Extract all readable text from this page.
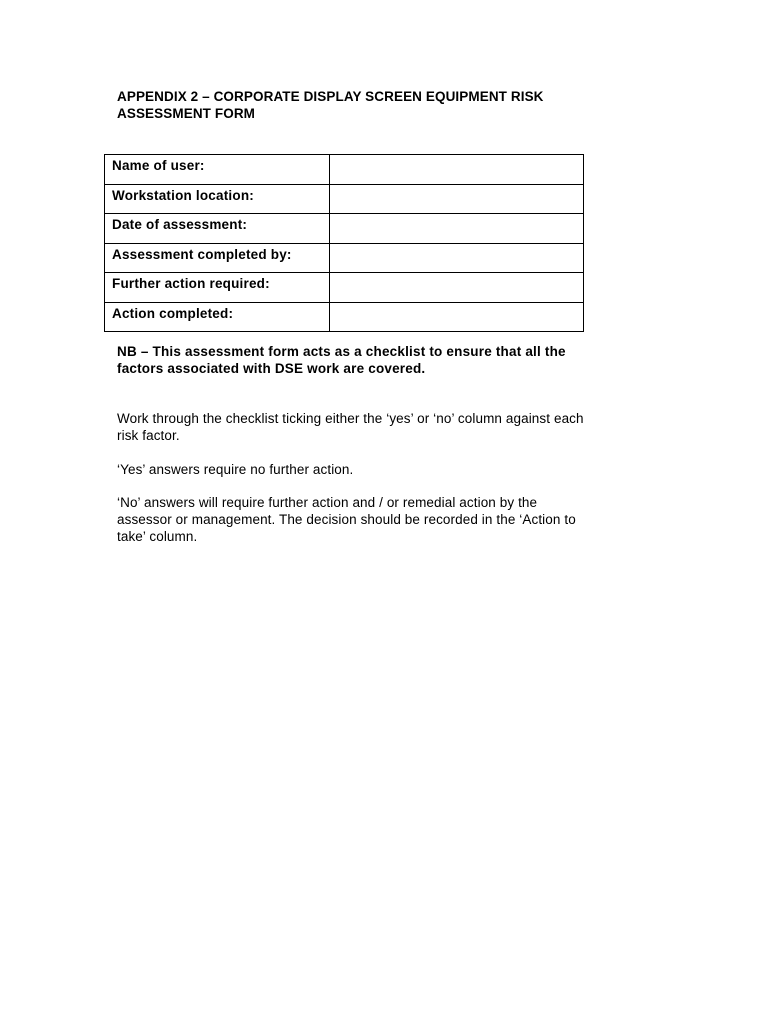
APPENDIX 2 – CORPORATE DISPLAY SCREEN EQUIPMENT RISK
ASSESSMENT FORM
Name of user:	
Workstation location:	
Date of assessment:	
Assessment completed by:	
Further action required:	
Action completed:	
NB – This assessment form acts as a checklist to ensure that all the
factors associated with DSE work are covered.
Work through the checklist ticking either the ‘yes’ or ‘no’ column against each
risk factor.
‘Yes’ answers require no further action.
‘No’ answers will require further action and / or remedial action by the
assessor or management. The decision should be recorded in the ‘Action to
take’ column.
